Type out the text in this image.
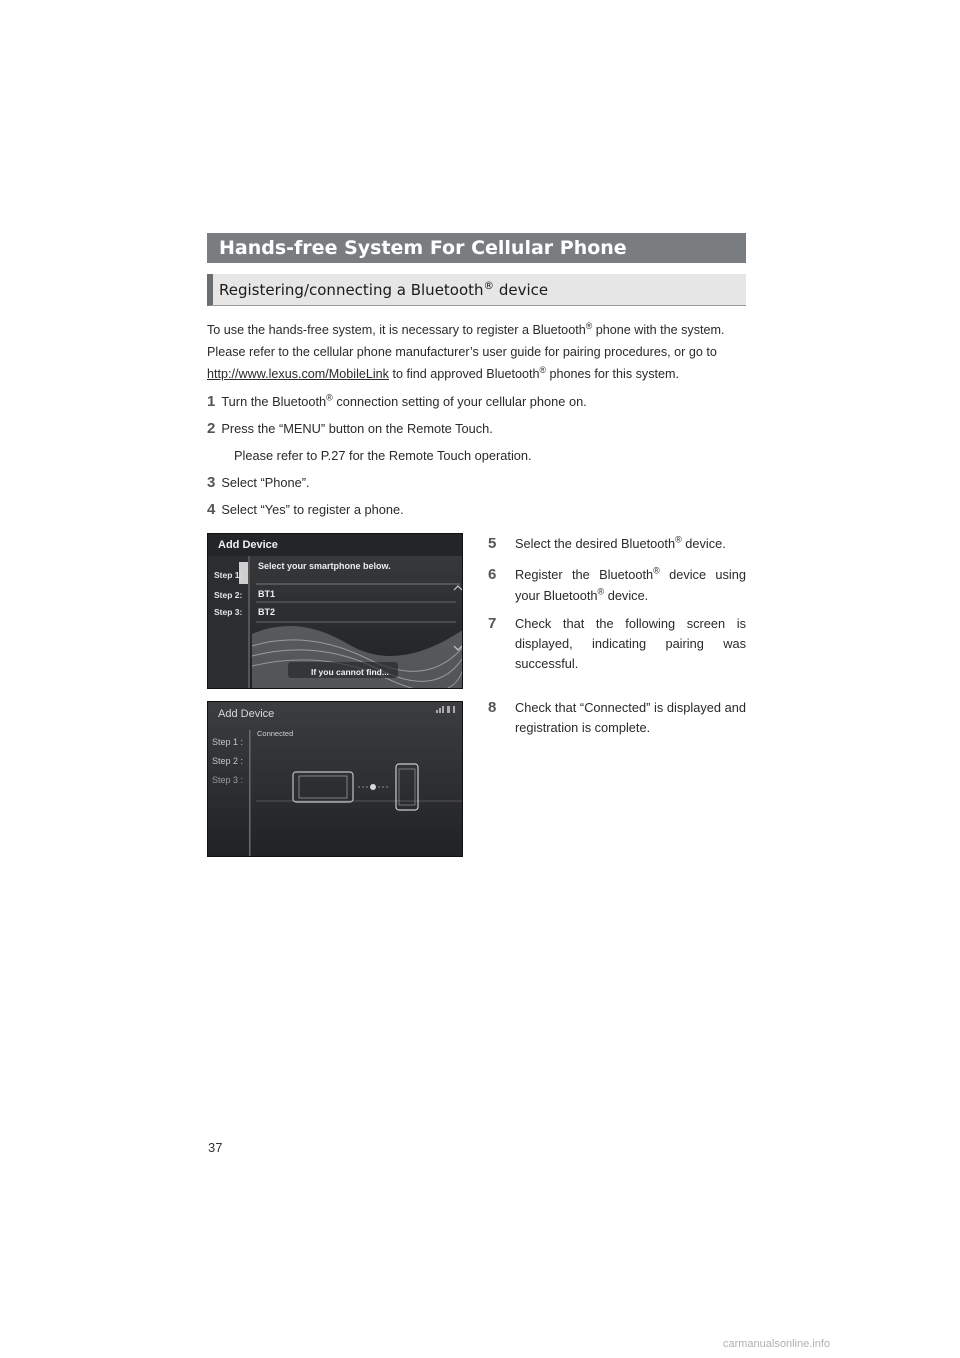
Hands-free System For Cellular Phone
Registering/connecting a Bluetooth® device
To use the hands-free system, it is necessary to register a Bluetooth® phone with the system. Please refer to the cellular phone manufacturer’s user guide for pairing procedures, or go to
http://www.lexus.com/MobileLink to find approved Bluetooth® phones for this system.
1 Turn the Bluetooth® connection setting of your cellular phone on.
2 Press the “MENU” button on the Remote Touch.
Please refer to P.27 for the Remote Touch operation.
3 Select “Phone”.
4 Select “Yes” to register a phone.
Add Device
Select your smartphone below.
Step 1:
Step 2:
Step 3:
BT1
BT2
If you cannot find...
5 Select the desired Bluetooth® device.
6 Register the Bluetooth® device using your Bluetooth® device.
7 Check that the following screen is displayed, indicating pairing was successful.
Add Device
Connected
Step 1 :
Step 2 :
Step 3 :
8 Check that “Connected” is displayed and registration is complete.
37
carmanualsonline.info
